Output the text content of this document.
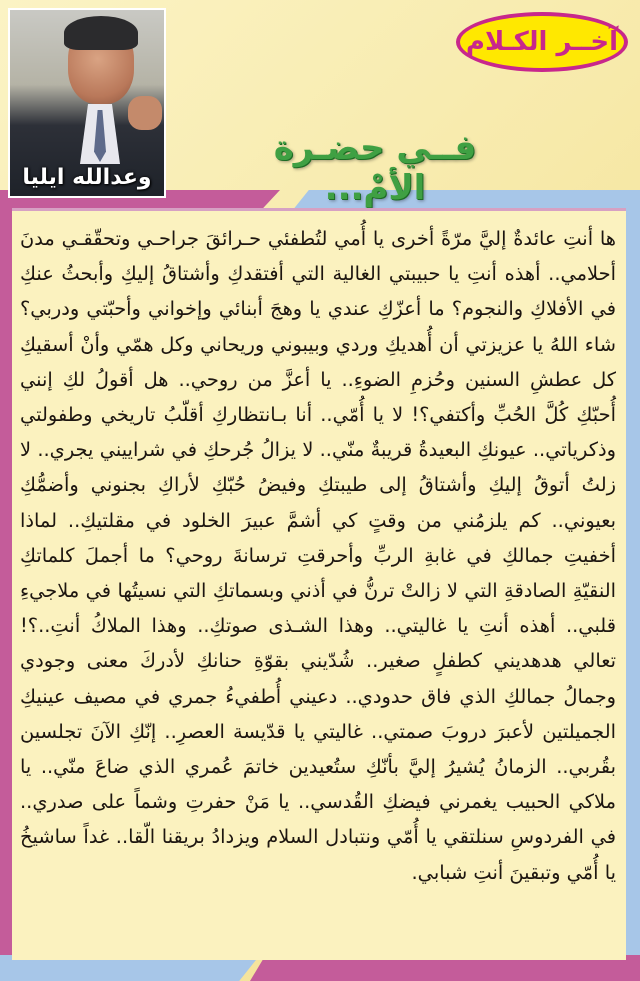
وعدالله ايليا
آخــر الكـلام
فــي حضـرة الأمْ...

ها أنتِ عائدةٌ إليَّ مرّةً أخرى يا أُمي لتُطفئي حـرائقَ جراحـي وتحقّقـي مدنَ أحلامي.. أهذه أنتِ يا حبيبتي الغالية التي أفتقدكِ وأشتاقُ إليكِ وأبحثُ عنكِ في الأفلاكِ والنجوم؟ ما أعزّكِ عندي يا وهجَ أبنائي وإخواني وأحبّتي ودربي؟ شاء اللهُ يا عزيزتي أن أُهديكِ وردي وبيبوني وريحاني وكل همّي وأنْ أسقيكِ كل عطشِ السنين وحُزمِ الضوءِ.. يا أعزَّ من روحي.. هل أقولُ لكِ إنني أُحبّكِ كُلَّ الحُبِّ وأكتفي؟! لا يا أُمّي.. أنا بـانتظاركِ أقلّبُ تاريخي وطفولتي وذكرياتي.. عيونكِ البعيدةُ قريبةٌ منّي.. لا يزالُ جُرحكِ في شراييني يجري.. لا زلتُ أتوقُ إليكِ وأشتاقُ إلى طيبتكِ وفيضُ حُبّكِ لأراكِ بجنوني وأضمُّكِ بعيوني.. كم يلزمُني من وقتٍ كي أشمَّ عبيرَ الخلود في مقلتيكِ.. لماذا أخفيتِ جمالكِ في غابةِ الربِّ وأحرقتِ ترسانةَ روحي؟ ما أجملَ كلماتكِ النقيّةِ الصادقةِ التي لا زالتْ ترنُّ في أذني وبسماتكِ التي نسيتُها في ملاجيءِ قلبي.. أهذه أنتِ يا غاليتي.. وهذا الشـذى صوتكِ.. وهذا الملاكُ أنتِ..؟! تعالي هدهديني كطفلٍ صغير.. شُدّيني بقوّةِ حنانكِ لأدركَ معنى وجودي وجمالُ جمالكِ الذي فاق حدودي.. دعيني أُطفيءُ جمري في مصيف عينيكِ الجميلتين لأعبرَ دروبَ صمتي.. غاليتي يا قدّيسة العصرِ.. إنّكِ الآنَ تجلسين بقُربي.. الزمانُ يُشيرُ إليَّ بأنّكِ ستُعيدين خاتمَ عُمري الذي ضاعَ منّي.. يا ملاكي الحبيب يغمرني فيضكِ القُدسي.. يا مَنْ حفرتِ وشماً على صدري.. في الفردوسِ سنلتقي يا أُمّي ونتبادل السلام ويزدادُ بريقنا الّقا.. غداً ساشيخُ يا أُمّي وتبقينَ أنتِ شبابي.
